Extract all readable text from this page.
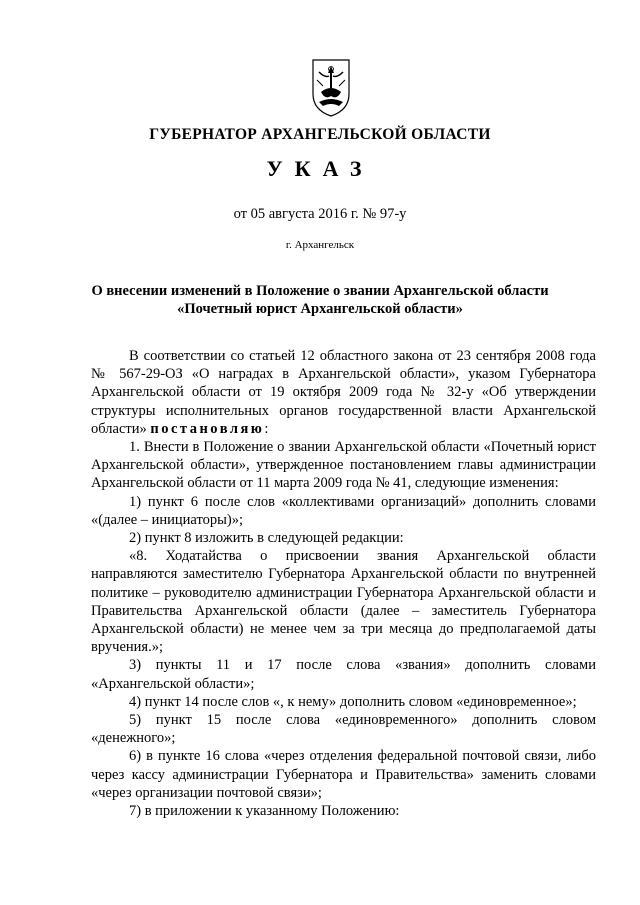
ГУБЕРНАТОР АРХАНГЕЛЬСКОЙ ОБЛАСТИ
УКАЗ
от 05 августа 2016 г. № 97-у
г. Архангельск
О внесении изменений в Положение о звании Архангельской области
«Почетный юрист Архангельской области»

В соответствии со статьей 12 областного закона от 23 сентября 2008 года № 567-29-ОЗ «О наградах в Архангельской области», указом Губернатора Архангельской области от 19 октября 2009 года № 32-у «Об утверждении структуры исполнительных органов государственной власти Архангельской области» постановляю:

1. Внести в Положение о звании Архангельской области «Почетный юрист Архангельской области», утвержденное постановлением главы администрации Архангельской области от 11 марта 2009 года № 41, следующие изменения:

1) пункт 6 после слов «коллективами организаций» дополнить словами «(далее – инициаторы)»;

2) пункт 8 изложить в следующей редакции:

«8. Ходатайства о присвоении звания Архангельской области направляются заместителю Губернатора Архангельской области по внутренней политике – руководителю администрации Губернатора Архангельской области и Правительства Архангельской области (далее – заместитель Губернатора Архангельской области) не менее чем за три месяца до предполагаемой даты вручения.»;

3) пункты 11 и 17 после слова «звания» дополнить словами «Архангельской области»;

4) пункт 14 после слов «, к нему» дополнить словом «единовременное»;

5) пункт 15 после слова «единовременного» дополнить словом «денежного»;

6) в пункте 16 слова «через отделения федеральной почтовой связи, либо через кассу администрации Губернатора и Правительства» заменить словами «через организации почтовой связи»;

7) в приложении к указанному Положению:
